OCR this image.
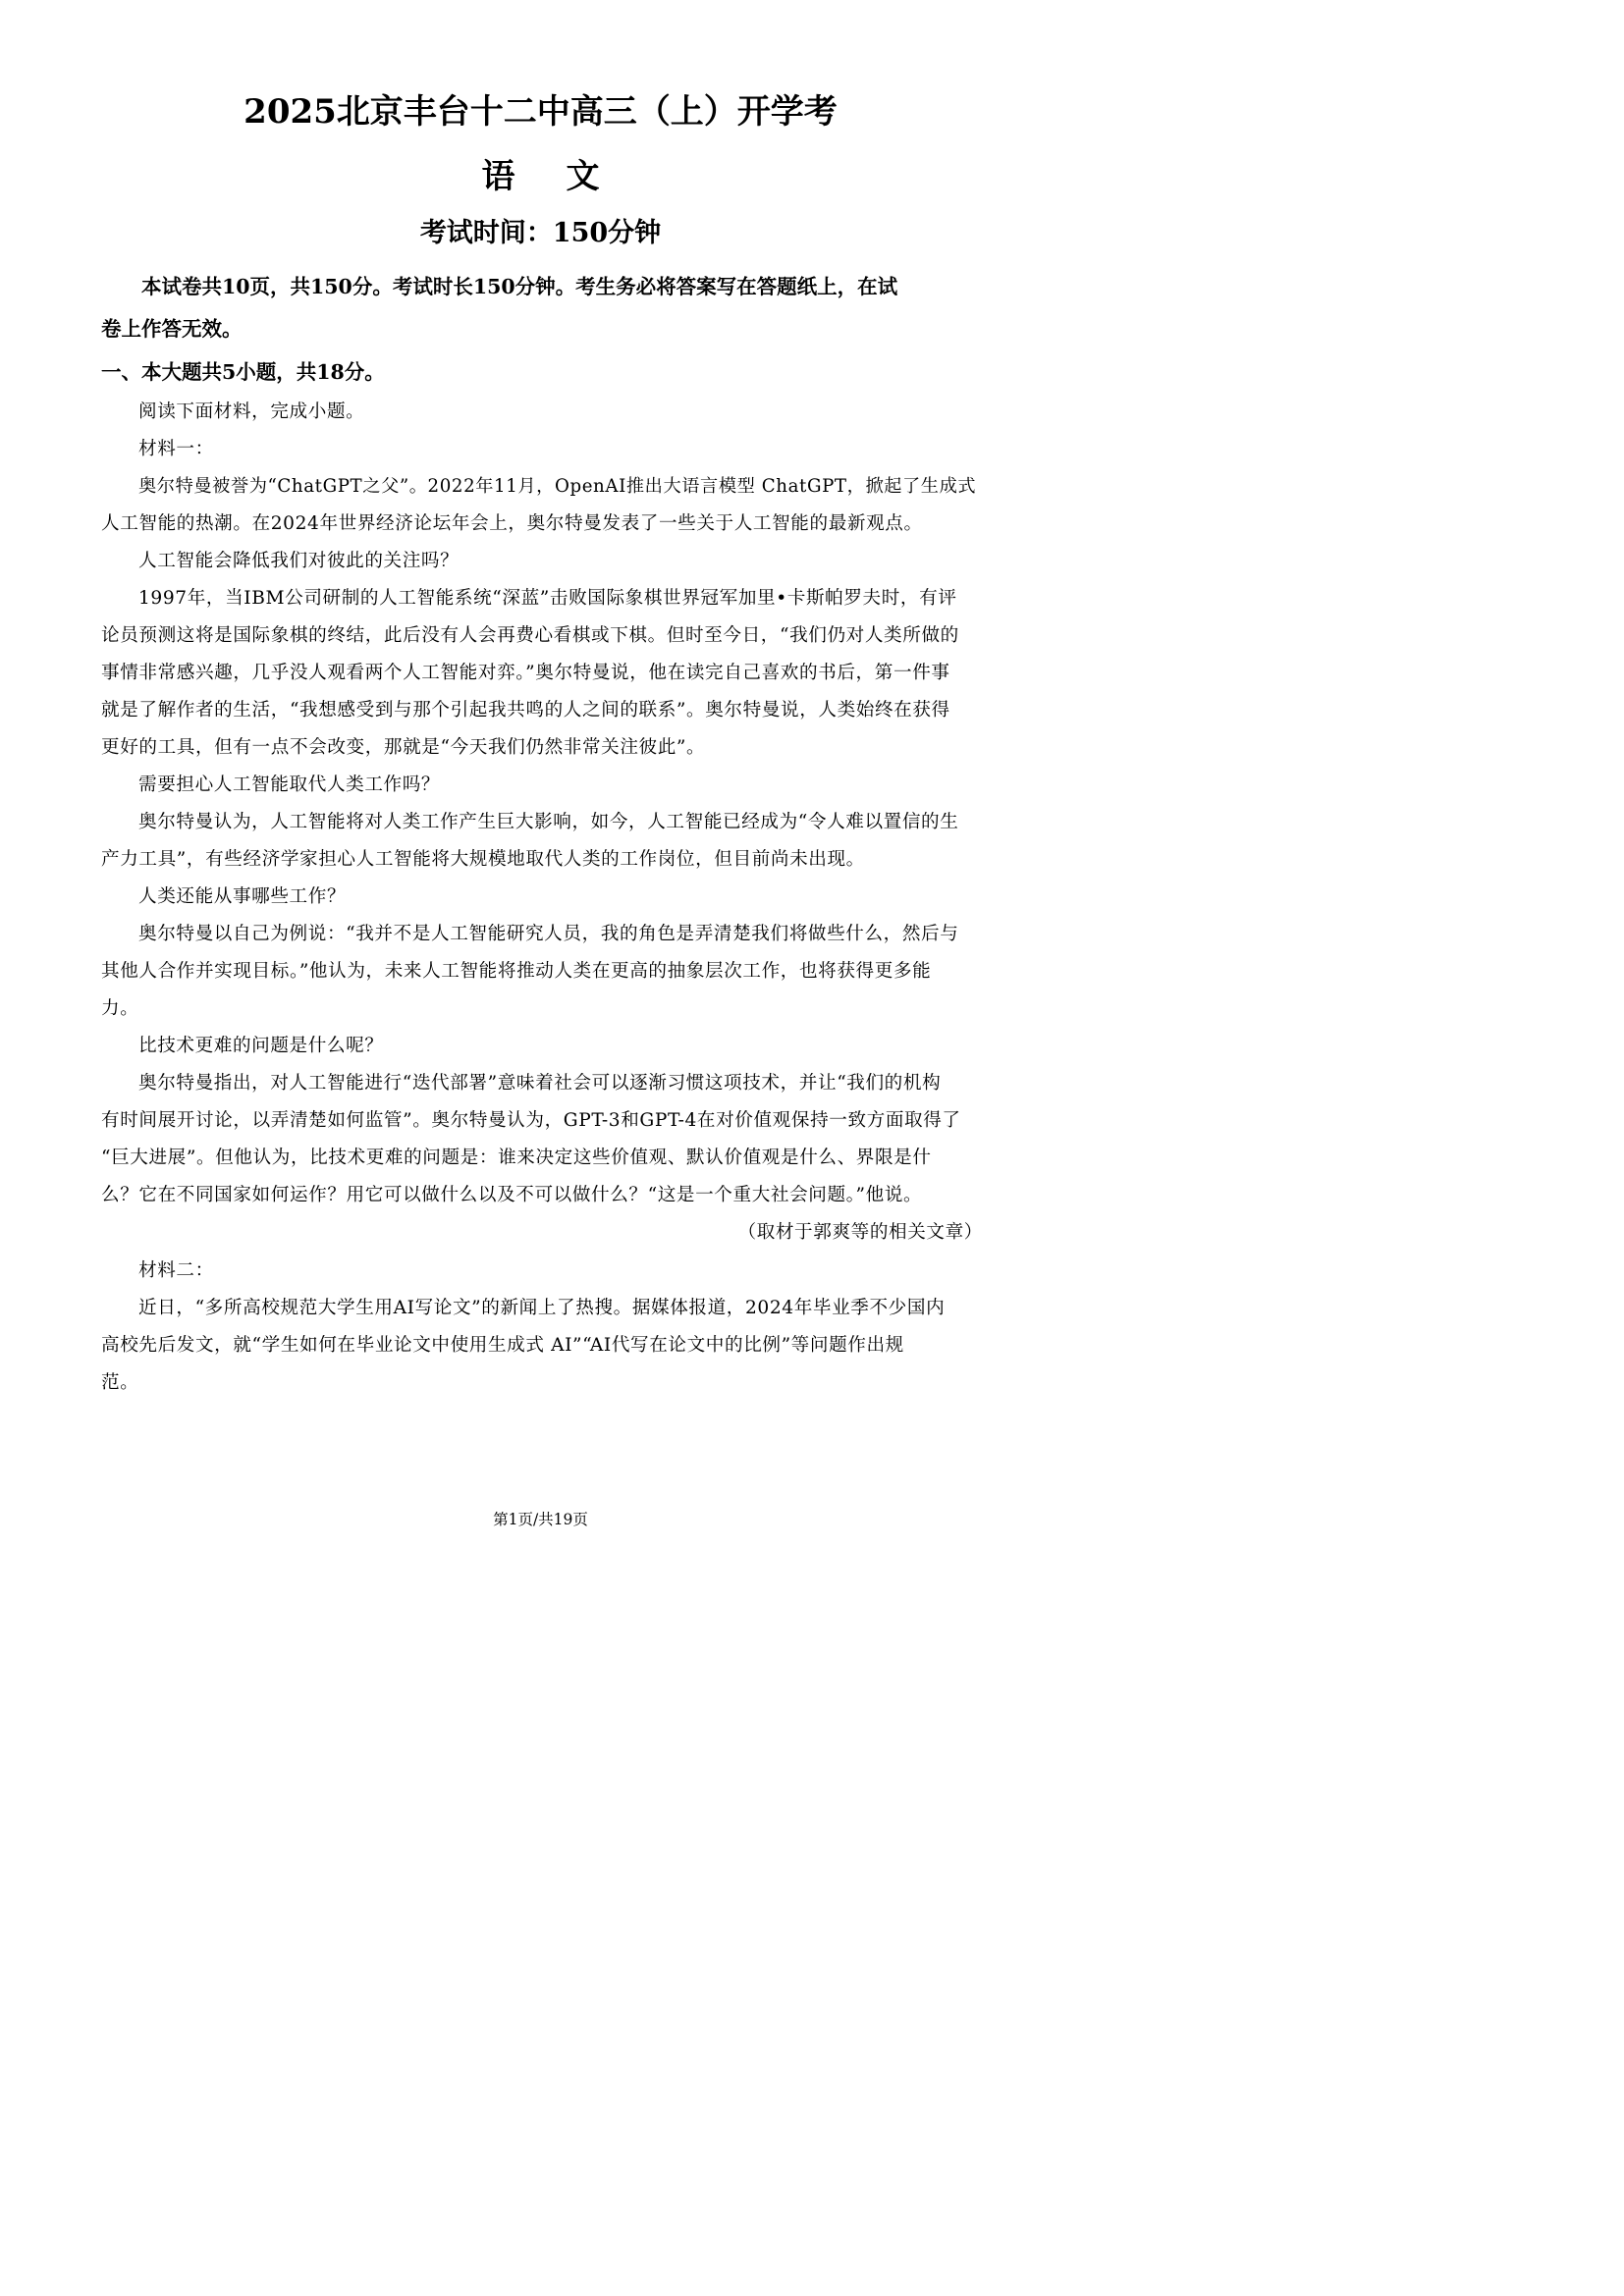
2025北京丰台十二中高三（上）开学考
语文
考试时间：150分钟
本试卷共10页，共150分。考试时长150分钟。考生务必将答案写在答题纸上，在试
卷上作答无效。
一、本大题共5小题，共18分。
阅读下面材料，完成小题。
材料一：
奥尔特曼被誉为“ChatGPT之父”。2022年11月，OpenAI推出大语言模型 ChatGPT，掀起了生成式
人工智能的热潮。在2024年世界经济论坛年会上，奥尔特曼发表了一些关于人工智能的最新观点。
人工智能会降低我们对彼此的关注吗？
1997年，当IBM公司研制的人工智能系统“深蓝”击败国际象棋世界冠军加里•卡斯帕罗夫时，有评
论员预测这将是国际象棋的终结，此后没有人会再费心看棋或下棋。但时至今日，“我们仍对人类所做的
事情非常感兴趣，几乎没人观看两个人工智能对弈。”奥尔特曼说，他在读完自己喜欢的书后，第一件事
就是了解作者的生活，“我想感受到与那个引起我共鸣的人之间的联系”。奥尔特曼说，人类始终在获得
更好的工具，但有一点不会改变，那就是“今天我们仍然非常关注彼此”。
需要担心人工智能取代人类工作吗？
奥尔特曼认为，人工智能将对人类工作产生巨大影响，如今，人工智能已经成为“令人难以置信的生
产力工具”，有些经济学家担心人工智能将大规模地取代人类的工作岗位，但目前尚未出现。
人类还能从事哪些工作？
奥尔特曼以自己为例说：“我并不是人工智能研究人员，我的角色是弄清楚我们将做些什么，然后与
其他人合作并实现目标。”他认为，未来人工智能将推动人类在更高的抽象层次工作，也将获得更多能
力。
比技术更难的问题是什么呢？
奥尔特曼指出，对人工智能进行“迭代部署”意味着社会可以逐渐习惯这项技术，并让“我们的机构
有时间展开讨论，以弄清楚如何监管”。奥尔特曼认为，GPT-3和GPT-4在对价值观保持一致方面取得了
“巨大进展”。但他认为，比技术更难的问题是：谁来决定这些价值观、默认价值观是什么、界限是什
么？它在不同国家如何运作？用它可以做什么以及不可以做什么？“这是一个重大社会问题。”他说。
（取材于郭爽等的相关文章）
材料二：
近日，“多所高校规范大学生用AI写论文”的新闻上了热搜。据媒体报道，2024年毕业季不少国内
高校先后发文，就“学生如何在毕业论文中使用生成式 AI”“AI代写在论文中的比例”等问题作出规
范。
第1页/共19页
